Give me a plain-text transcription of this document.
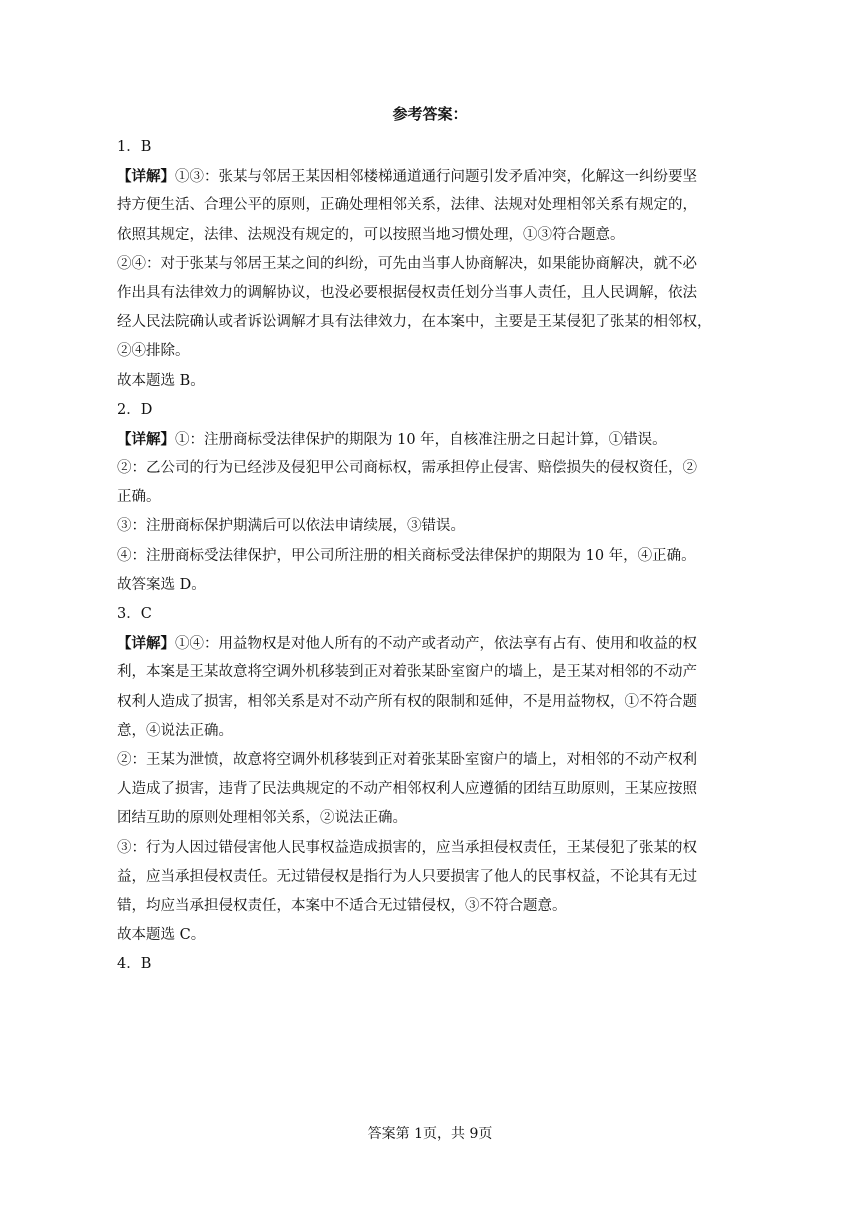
参考答案：
1．B
【详解】①③：张某与邻居王某因相邻楼梯通道通行问题引发矛盾冲突，化解这一纠纷要坚
持方便生活、合理公平的原则，正确处理相邻关系，法律、法规对处理相邻关系有规定的，
依照其规定，法律、法规没有规定的，可以按照当地习惯处理，①③符合题意。
②④：对于张某与邻居王某之间的纠纷，可先由当事人协商解决，如果能协商解决，就不必
作出具有法律效力的调解协议，也没必要根据侵权责任划分当事人责任，且人民调解，依法
经人民法院确认或者诉讼调解才具有法律效力，在本案中，主要是王某侵犯了张某的相邻权，
②④排除。
故本题选 B。
2．D
【详解】①：注册商标受法律保护的期限为 10 年，自核准注册之日起计算，①错误。
②：乙公司的行为已经涉及侵犯甲公司商标权，需承担停止侵害、赔偿损失的侵权资任，②
正确。
③：注册商标保护期满后可以依法申请续展，③错误。
④：注册商标受法律保护，甲公司所注册的相关商标受法律保护的期限为 10 年，④正确。
故答案选 D。
3．C
【详解】①④：用益物权是对他人所有的不动产或者动产，依法享有占有、使用和收益的权
利，本案是王某故意将空调外机移装到正对着张某卧室窗户的墙上，是王某对相邻的不动产
权利人造成了损害，相邻关系是对不动产所有权的限制和延伸，不是用益物权，①不符合题
意，④说法正确。
②：王某为泄愤，故意将空调外机移装到正对着张某卧室窗户的墙上，对相邻的不动产权利
人造成了损害，违背了民法典规定的不动产相邻权利人应遵循的团结互助原则，王某应按照
团结互助的原则处理相邻关系，②说法正确。
③：行为人因过错侵害他人民事权益造成损害的，应当承担侵权责任，王某侵犯了张某的权
益，应当承担侵权责任。无过错侵权是指行为人只要损害了他人的民事权益，不论其有无过
错，均应当承担侵权责任，本案中不适合无过错侵权，③不符合题意。
故本题选 C。
4．B
答案第 1页，共 9页
